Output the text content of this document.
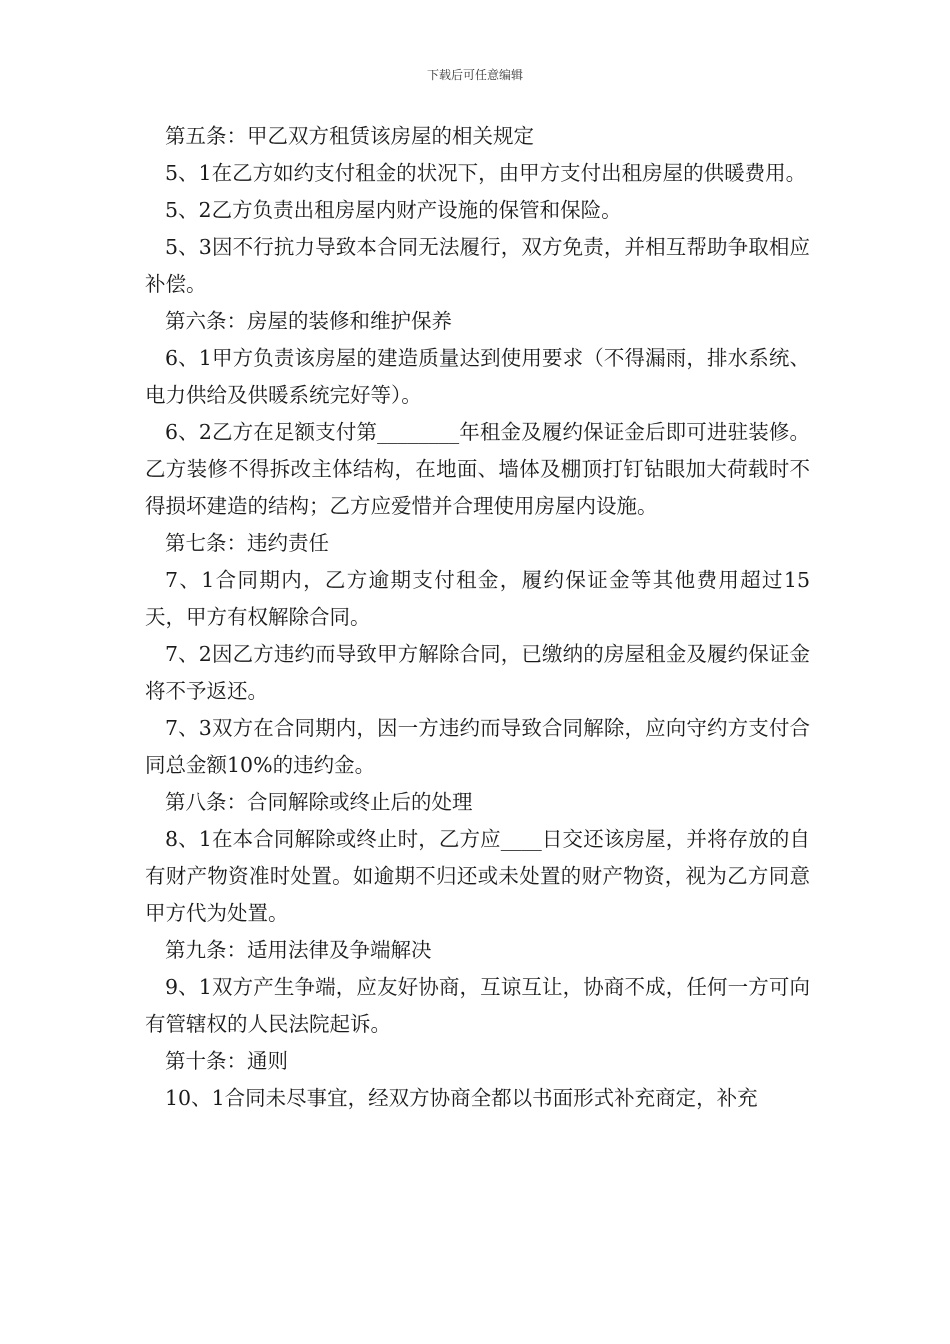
下载后可任意编辑

第五条：甲乙双方租赁该房屋的相关规定

5、1在乙方如约支付租金的状况下，由甲方支付出租房屋的供暖费用。

5、2乙方负责出租房屋内财产设施的保管和保险。

5、3因不行抗力导致本合同无法履行，双方免责，并相互帮助争取相应补偿。

第六条：房屋的装修和维护保养

6、1甲方负责该房屋的建造质量达到使用要求（不得漏雨，排水系统、电力供给及供暖系统完好等）。

6、2乙方在足额支付第________年租金及履约保证金后即可进驻装修。乙方装修不得拆改主体结构，在地面、墙体及棚顶打钉钻眼加大荷载时不得损坏建造的结构；乙方应爱惜并合理使用房屋内设施。

第七条：违约责任

7、1合同期内，乙方逾期支付租金，履约保证金等其他费用超过15天，甲方有权解除合同。

7、2因乙方违约而导致甲方解除合同，已缴纳的房屋租金及履约保证金将不予返还。

7、3双方在合同期内，因一方违约而导致合同解除，应向守约方支付合同总金额10%的违约金。

第八条：合同解除或终止后的处理

8、1在本合同解除或终止时，乙方应____日交还该房屋，并将存放的自有财产物资准时处置。如逾期不归还或未处置的财产物资，视为乙方同意甲方代为处置。

第九条：适用法律及争端解决

9、1双方产生争端，应友好协商，互谅互让，协商不成，任何一方可向有管辖权的人民法院起诉。

第十条：通则

10、1合同未尽事宜，经双方协商全都以书面形式补充商定，补充
